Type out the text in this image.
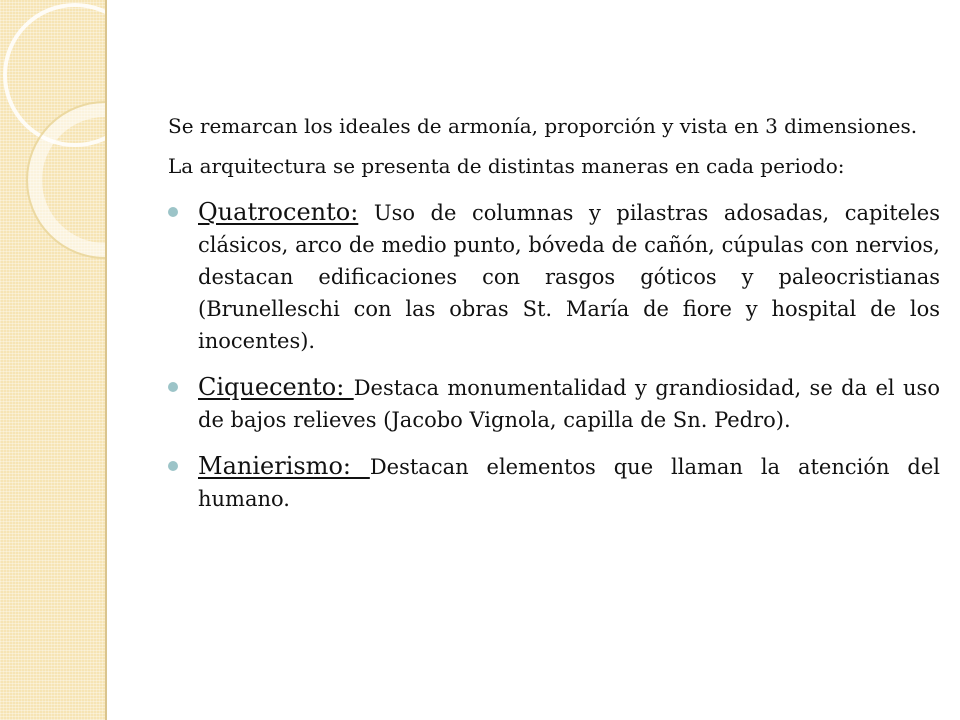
Se remarcan los ideales de armonía, proporción y vista en 3 dimensiones.

La arquitectura se presenta de distintas maneras en cada periodo:

Quatrocento: Uso de columnas y pilastras adosadas, capiteles clásicos, arco de medio punto, bóveda de cañón, cúpulas con nervios, destacan edificaciones con rasgos góticos y paleocristianas (Brunelleschi con las obras St. María de fiore y hospital de los inocentes).
Ciquecento: Destaca monumentalidad y grandiosidad, se da el uso de bajos relieves (Jacobo Vignola, capilla de Sn. Pedro).
Manierismo: Destacan elementos que llaman la atención del humano.
